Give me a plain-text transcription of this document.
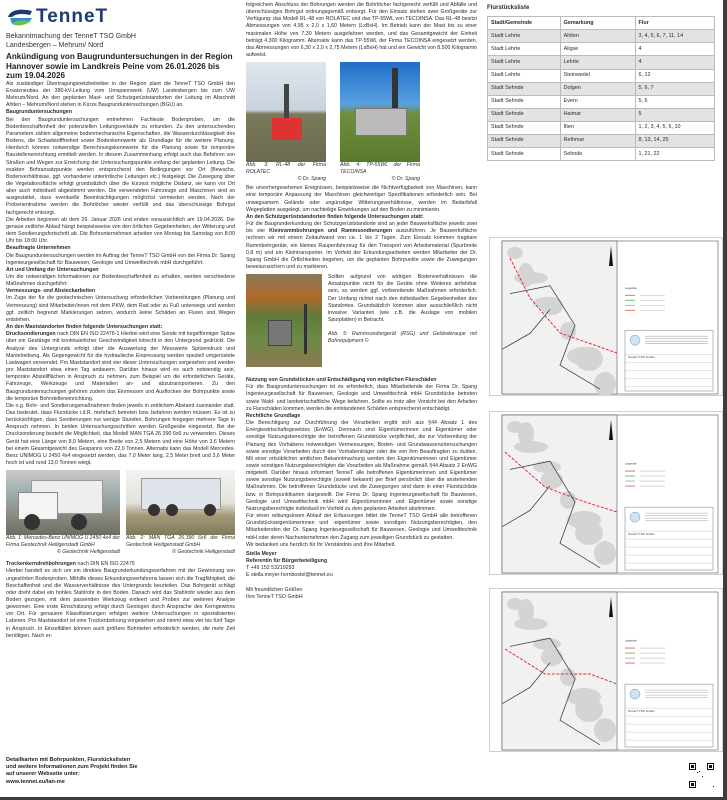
TenneT
Bekanntmachung der TenneT TSO GmbH
Landesbergen – Mehrum/ Nord
Ankündigung von Baugrunduntersuchungen in der Region Hannover sowie im Landkreis Peine vom 26.01.2026 bis zum 19.04.2026

Als zuständiger Übertragungsnetzbetreiber in der Region plant die TenneT TSO GmbH den Ersatzneubau der 380-kV-Leitung vom Umspannwerk (UW) Landesbergen bis zum UW Mehrum/Nord. An den geplanten Mast- und Schutzgerüststandorten der Leitung im Abschnitt Ahlten – Mehrum/Nord stehen in Kürze Baugrunduntersuchungen (BGU) an.

Baugrunduntersuchungen

Bei den Baugrunduntersuchungen entnehmen Fachleute Bodenproben, um die Bodenbeschaffenheit der potenziellen Leitungsverläufe zu erkunden. Zu den untersuchenden Parametern zählen allgemeine bodenmechanische Eigenschaften, die Wasserdurchlässigkeit des Bodens, die Schadstofffreiheit sowie Bodenkennwerte als Grundlage für die weitere Planung. Hierdurch können notwendige Berechnungskennwerte für die Planung sowie für temporäre Baustelleneinrichtung ermittelt werden. In diesem Zusammenhang erfolgt auch das Befahren von Straßen und Wegen zur Erreichung der Untersuchungspunkte entlang der geplanten Leitung. Die exakten Bohransatzpunkte werden entsprechend den Bedingungen vor Ort (Bewuchs, Bodenverhältnisse, ggf. vorhandene unterirdische Leitungen etc.) festgelegt. Die Zuwegung über die Vegetationsfläche erfolgt grundsätzlich über die kürzest mögliche Distanz, sie kann vor Ort aber auch individuell abgestimmt werden. Die verwendeten Fahrzeuge und Maschinen sind so ausgestattet, dass eventuelle Beeinträchtigungen möglichst vermieden werden. Nach der Probenentnahme werden die Bohrlöcher wieder verfüllt und das überschüssige Bohrgut fachgerecht entsorgt.

Die Arbeiten beginnen ab dem 26. Januar 2026 und enden voraussichtlich am 19.04.2026. Der genaue zeitliche Ablauf hängt beispielsweise von den örtlichen Gegebenheiten, der Witterung und dem Sondierungsfortschritt ab. Die Bohrunternehmen arbeiten von Montag bis Samstag von 8:00 Uhr bis 18:00 Uhr.

Beauftragte Unternehmen

Die Baugrunduntersuchungen werden im Auftrag der TenneT TSO GmbH von der Firma Dr. Spang Ingenieurgesellschaft für Bauwesen, Geologie und Umwelttechnik mbH durchgeführt.

Art und Umfang der Untersuchungen

Um die notwendigen Informationen zur Bodenbeschaffenheit zu erhalten, werden verschiedene Maßnahmen durchgeführt:

Vermessungs- und Absteckarbeiten

Im Zuge der für die geotechnischen Untersuchung erforderlichen Vorbereitungen (Planung und Vermessung) sind Mitarbeiter/innen mit dem PKW, dem Rad oder zu Fuß unterwegs und werden ggf. zeitlich begrenzt Markierungen setzen, wodurch keine Schäden an Fluren und Wegen entstehen.

An den Maststandorten finden folgende Untersuchungen statt:

Drucksondierungen nach DIN EN ISO 22476-1 Hierbei wird eine Sonde mit kegelförmiger Spitze über ein Gestänge mit kontinuierlicher Geschwindigkeit lotrecht in den Untergrund gedrückt. Die Analyse des Untergrunds erfolgt über die Auswertung der Messwerte Spitzendruck und Mantelreibung. Als Gegengewicht für die hydraulische Einpressung werden speziell umgerüstete Lastwagen verwendet. Pro Maststandort sind vier dieser Untersuchungen vorgesehen und werden pro Maststandort etwa einen Tag andauern. Darüber hinaus wird es auch notwendig sein, temporäre Abstellflächen in Anspruch zu nehmen, zum Beispiel um die erforderlichen Geräte, Fahrzeuge, Werkzeuge und Materialien an- und abzutransportieren. Zu den Baugrunduntersuchungen gehören zudem das Einmessen und Ausflocken der Bohrpunkte sowie die temporäre Bohrstelleneinrichtung.

Die o.g. Bohr- und Sondierungsmaßnahmen finden jeweils in zeitlichem Abstand zueinander statt. Das bedeutet, dass Flurstücke i.d.R. mehrfach betreten bzw. befahren werden müssen. Es ist zu berücksichtigen, dass Sondierungen nur wenige Stunden, Bohrungen hingegen mehrere Tage in Anspruch nehmen. In beiden Untersuchungsschritten werden Großgeräte eingesetzt. Bei der Drucksonderung besteht die Möglichkeit, das Modell MAN TGA 26 390 6x6 zu verwenden. Dieses Gerät hat eine Länge von 8,0 Metern, eine Breite von 2,5 Metern und eine Höhe von 3,6 Metern bei einem Gesamtgewicht des Gespanns von 22,0 Tonnen. Alternativ kann das Modell Mercedes-Benz UNIMOG U 2450 4x4 eingesetzt werden, das 7,0 Meter lang, 2,5 Meter breit und 3,6 Meter hoch ist und rund 13,0 Tonnen wiegt.

Abb. 1: Mercedes-Benz UNIMOG U 2450 4x4 der Firma Geotechnik Heiligenstadt GmbH
© Geotechnik Heiligenstadt
Abb. 2: MAN TGA 26.390 6x6 der Firma Geotechnik Heiligenstadt GmbH
© Geotechnik Heiligenstadt

Trockenkerndrehbohrungen nach DIN EN ISO 22475

Hierbei handelt es sich um ein direktes Baugrunderkundungsverfahren mit der Gewinnung von ungestörten Bodenproben. Mithilfe dieses Erkundungsverfahrens lassen sich die Tragfähigkeit, die Beschaffenheit und die Wasserverhältnisse des Untergrunds beurteilen. Das Bohrgerät schlägt oder dreht dabei ein hohles Stahlrohr in den Boden. Danach wird das Stahlrohr wieder aus dem Boden gezogen, mit dem passenden Werkzeug entleert und Proben zur weiteren Analyse gewonnen. Eine erste Einschätzung erfolgt durch Geologen durch Ansprache des Kerngewinns vor Ort. Für genauere Klassifizierungen erfolgen weitere Untersuchungen in spezialisierten Laboren. Pro Maststandort ist eine Trockenbohrung vorgesehen und nimmt etwa vier bis fünf Tage in Anspruch. In Einzelfällen können auch größere Bohrtiefen erforderlich werden, die mehr Zeit benötigen. Nach er-

folgreichem Abschluss der Bohrungen werden die Bohrlöcher fachgerecht verfüllt und Abfälle und überschüssiges Bohrgut ordnungsgemäß entsorgt. Für den Einsatz stehen zwei Großgeräte zur Verfügung: das Modell RL-48 von ROLATEC und das TP-55WL von TECOINSA. Das RL-48 besitzt Abmessungen von 4,95 x 2,0 x 1,60 Metern (LxBxH). Im Betrieb kann der Mast bis zu einer maximalen Höhe von 7,30 Metern ausgefahren werden, und das Gesamtgewicht der Einheit beträgt 4.300 Kilogramm. Alternativ kann das TP-55WL der Firma TECOINSA eingesetzt werden, das Abmessungen von 6,30 x 2,0 x 2,75 Metern (LxBxH) hat und ein Gewicht von 8.500 Kilogramm aufweist.

Abb. 3: RL-48 der Firma ROLATEC
© Dr. Spang
Abb. 4: TP-55WL der Firma TECOINSA
© Dr. Spang

Bei unvorhergesehenen Ereignissen, beispielsweise die Nichtverfügbarkeit von Maschinen, kann eine temporäre Anpassung der Maschinen gleichwertiger Spezifikationen erforderlich sein. Bei unwegsamem Gelände oder ungünstiger Witterungsverhältnisse, werden im Bedarfsfall Wegeplatten ausgelegt, um nachteilige Einwirkungen auf den Boden zu minimieren.

An den Schutzgerüststandorten finden folgende Untersuchungen statt:

Für die Baugrunderkundung der Schutzgerüststandorte sind an jeder Bauwerksfläche jeweils zwei bis vier Kleinrammbohrungen und Rammsondierungen auszuführen. Je Bauwerksfläche rechnen wir mit einem Zeitaufwand von ca. 1 bis 2 Tagen. Zum Einsatz kommen tragbare Rammbohrgeräte, ein kleines Raupenfahrzeug für den Transport von Arbeitsmaterial (Spurbreite 0,8 m) und ein Kleintransporter. Im Vorfeld der Erkundungsarbeiten werden Mitarbeiter der Dr. Spang GmbH die Örtlichkeiten begehen, um die geplanten Bohrpunkte sowie die Zuwegungen beweiszusichern und zu markieren.

Sollten aufgrund von widrigen Bodenverhältnissen die Ansatzpunkte nicht für die Geräte ohne Weiteres anfahrbar sein, so werden ggf. vorbereitende Maßnahmen erforderlich. Der Umfang richtet nach den individuellen Gegebenheiten des Standortes. Grundsätzlich kommen aber ausschließlich nicht invasive Varianten (wie z.B. die Auslage von mobilen Spurplatten) in Betracht.

Abb. 5: Rammsondiergerät (RSG) und Geländeraupe mit Bohrequipment ©

Nutzung von Grundstücken und Entschädigung von möglichen Flurschäden

Für die Baugrunduntersuchungen ist es erforderlich, dass Mitarbeitende der Firma Dr. Spang Ingenieurgesellschaft für Bauwesen, Geologie und Umwelttechnik mbH Grundstücke betreten sowie Wald- und landwirtschaftliche Wege befahren. Sollte es trotz aller Vorsicht bei den Arbeiten zu Flurschäden kommen, werden die entstandenen Schäden entsprechend entschädigt.

Rechtliche Grundlage

Die Berechtigung zur Durchführung der Vorarbeiten ergibt sich aus §44 Absatz 1 des Energiewirtschaftsgesetzes (EnWG). Demnach sind Eigentümerinnen und Eigentümer oder sonstige Nutzungsberechtigte der betroffenen Grundstücke verpflichtet, die zur Vorbereitung der Planung des Vorhabens notwendigen Vermessungen, Boden- und Grundwasseruntersuchungen sowie sonstige Vorarbeiten durch den Vorhabenträger oder die von ihm Beauftragten zu dulden. Mit einer ortsüblichen amtlichen Bekanntmachung werden den Eigentümerinnen und Eigentümer sowie sonstigen Nutzungsberechtigten die Vorarbeiten als Maßnahme gemäß §44 Absatz 2 EnWG mitgeteilt. Darüber hinaus informiert TenneT alle betroffenen Eigentümerinnen und Eigentümer sowie sonstige Nutzungsberechtigte (soweit bekannt) per Brief persönlich über die anstehenden Maßnahmen. Die betroffenen Grundstücke und die Zuwegungen sind darin in einer Flurstückliste bzw. in Bohrpunktkarten dargestellt. Die Firma Dr. Spang Ingenieurgesellschaft für Bauwesen, Geologie und Umwelttechnik mbH wird Eigentümerinnen und Eigentümer sowie sonstige Nutzungsberechtigte individuell im Vorfeld zu dem geplanten Arbeiten abstimmen.

Für einen reibungslosen Ablauf der Erfassungen bittet die TenneT TSO GmbH alle betroffenen Grundstückseigentümerinnen und -eigentümer sowie sonstigen Nutzungsberechtigten, den Mitarbeitenden der Dr. Spang Ingenieurgesellschaft für Bauwesen, Geologie und Umwelttechnik mbH oder deren Nachunternehmen den Zugang zum jeweiligen Grundstück zu gestatten.

Wir bedanken uns herzlich für Ihr Verständnis und Ihre Mitarbeit.

Stella Meyer

Referentin für Bürgerbeteiligung

T +49 152 53219293

E stella.meyer-hornbostel@tennet.eu

Mit freundlichen Grüßen

Ihre TenneT TSO GmbH

Flurstücksliste
Stadt/Gemeinde	Gemarkung	Flur
Stadt Lehrte	Ahlten	3, 4, 5, 6, 7, 11, 14
Stadt Lehrte	Aligse	4
Stadt Lehrte	Lehrte	4
Stadt Lehrte	Steinwedel	6, 12
Stadt Sehnde	Dolgen	5, 6, 7
Stadt Sehnde	Evern	5, 6
Stadt Sehnde	Haimar	5
Stadt Sehnde	Ilten	1, 2, 3, 4, 5, 6, 10
Stadt Sehnde	Rethmar	8, 13, 14, 25
Stadt Sehnde	Sehnde	1, 21, 22
Legende
TenneT TSO GmbH
Legende
TenneT TSO GmbH
Legende
TenneT TSO GmbH
Detailkarten mit Bohrpunkten, Flurstückslisten
und weitere Informationen zum Projekt finden Sie
auf unserer Webseite unter:
www.tennet.eu/lan-me
